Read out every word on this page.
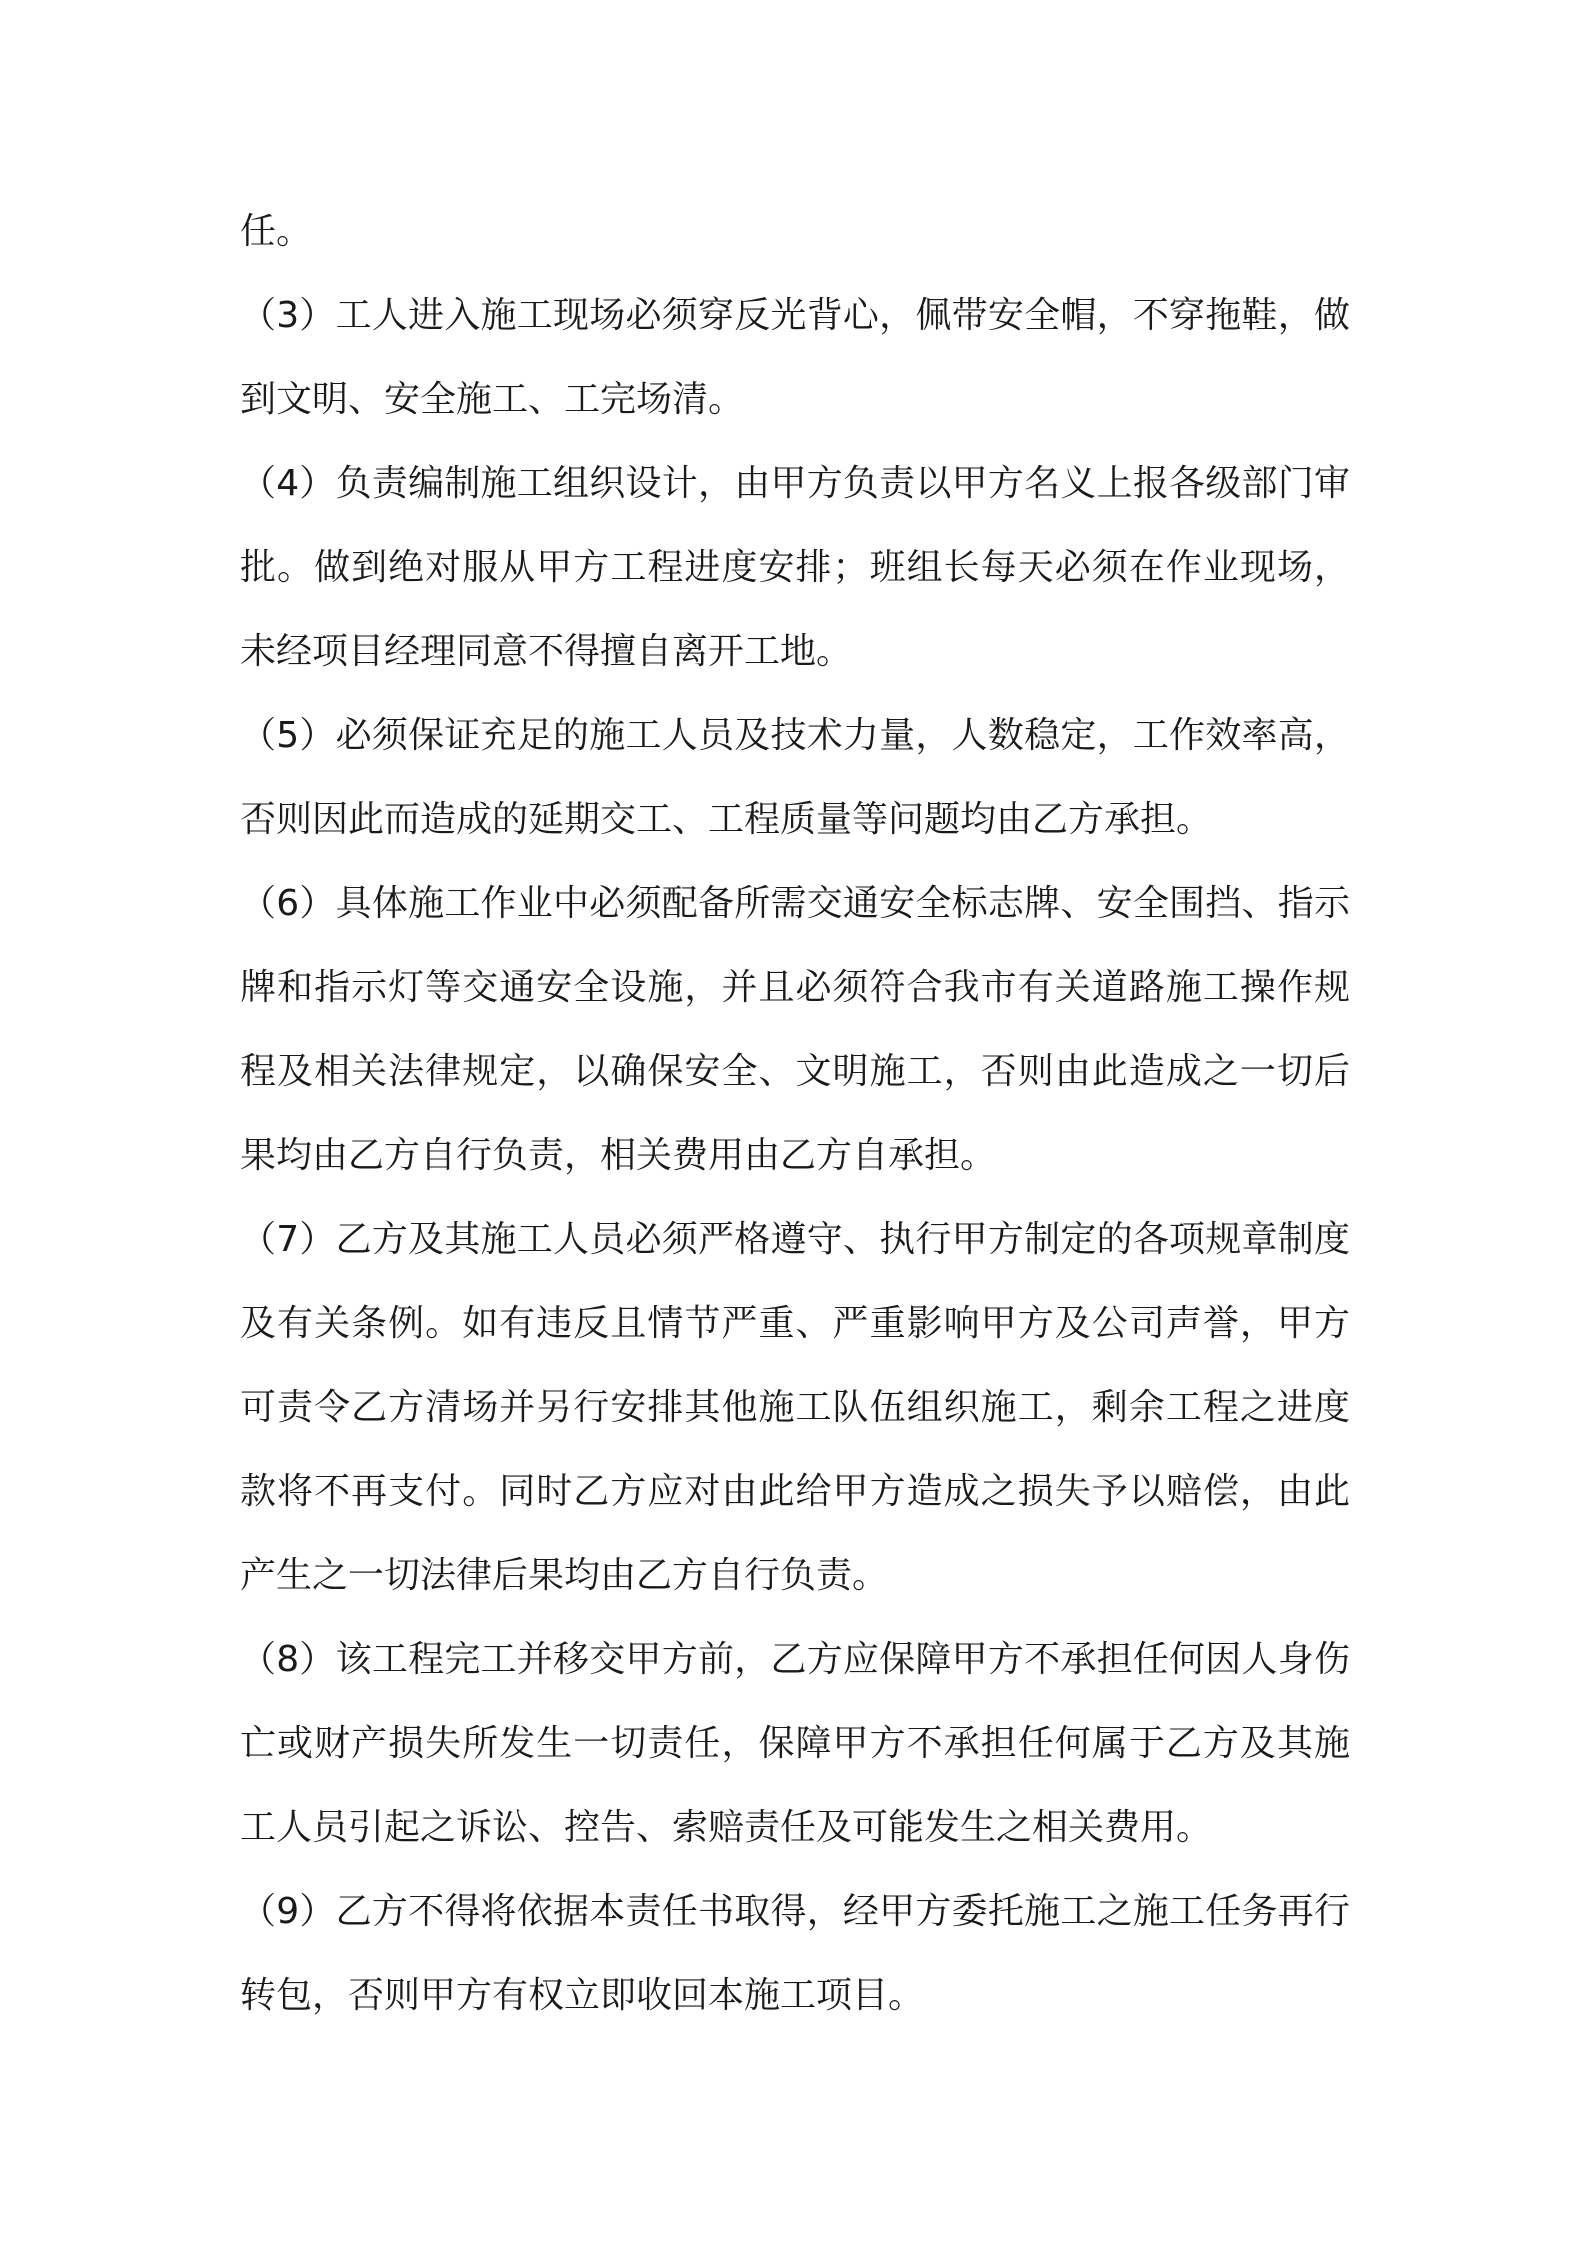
任。

（3）工人进入施工现场必须穿反光背心，佩带安全帽，不穿拖鞋，做到文明、安全施工、工完场清。

（4）负责编制施工组织设计，由甲方负责以甲方名义上报各级部门审批。做到绝对服从甲方工程进度安排；班组长每天必须在作业现场，未经项目经理同意不得擅自离开工地。

（5）必须保证充足的施工人员及技术力量，人数稳定，工作效率高，否则因此而造成的延期交工、工程质量等问题均由乙方承担。

（6）具体施工作业中必须配备所需交通安全标志牌、安全围挡、指示牌和指示灯等交通安全设施，并且必须符合我市有关道路施工操作规程及相关法律规定，以确保安全、文明施工，否则由此造成之一切后果均由乙方自行负责，相关费用由乙方自承担。

（7）乙方及其施工人员必须严格遵守、执行甲方制定的各项规章制度及有关条例。如有违反且情节严重、严重影响甲方及公司声誉，甲方可责令乙方清场并另行安排其他施工队伍组织施工，剩余工程之进度款将不再支付。同时乙方应对由此给甲方造成之损失予以赔偿，由此产生之一切法律后果均由乙方自行负责。

（8）该工程完工并移交甲方前，乙方应保障甲方不承担任何因人身伤亡或财产损失所发生一切责任，保障甲方不承担任何属于乙方及其施工人员引起之诉讼、控告、索赔责任及可能发生之相关费用。

（9）乙方不得将依据本责任书取得，经甲方委托施工之施工任务再行转包，否则甲方有权立即收回本施工项目。
